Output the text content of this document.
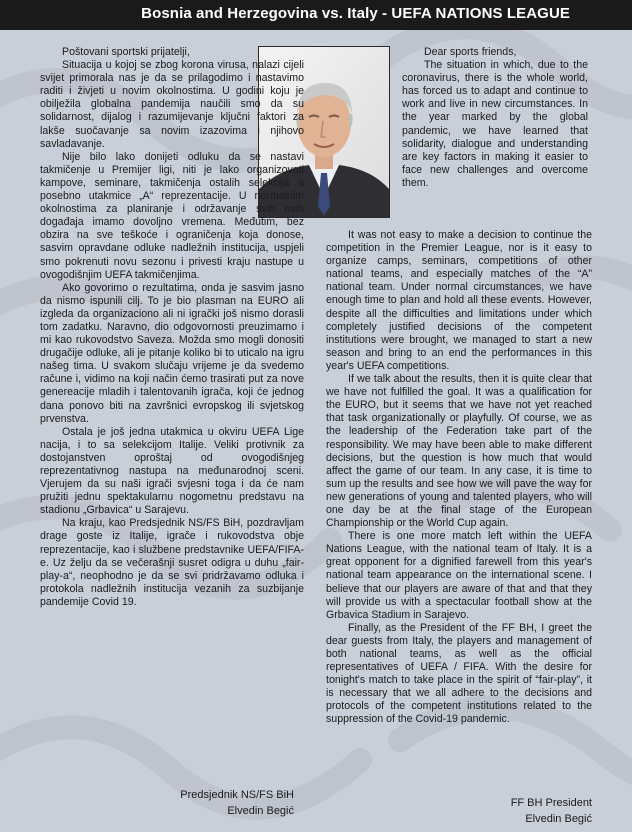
Bosnia and Herzegovina vs. Italy - UEFA NATIONS LEAGUE

Poštovani sportski prijatelji,

Situacija u kojoj se zbog korona virusa, nalazi cijeli svijet primorala nas je da se prilagodimo i nastavimo raditi i živjeti u novim okolnostima. U godini koju je obilježila globalna pandemija naučili smo da su solidarnost, dijalog i razumijevanje ključni faktori za lakše suočavanje sa novim izazovima i njihovo savladavanje.

Nije bilo lako donijeti odluku da se nastavi takmičenje u Premijer ligi, niti je lako organizovati kampove, seminare, takmičenja ostalih selekcija a posebno utakmice „A“ reprezentacije. U normalnim okolnostima za planiranje i održavanje svih ovih događaja imamo dovoljno vremena. Međutim, bez obzira na sve teškoće i ograničenja koja donose, sasvim opravdane odluke nadležnih institucija, uspjeli smo pokrenuti novu sezonu i privesti kraju nastupe u ovogodišnjim UEFA takmičenjima.

Ako govorimo o rezultatima, onda je sasvim jasno da nismo ispunili cilj. To je bio plasman na EURO ali izgleda da organizaciono ali ni igrački još nismo dorasli tom zadatku. Naravno, dio odgovornosti preuzimamo i mi kao rukovodstvo Saveza. Možda smo mogli donositi drugačije odluke, ali je pitanje koliko bi to uticalo na igru našeg tima. U svakom slučaju vrijeme je da svedemo račune i, vidimo na koji način ćemo trasirati put za nove genereacije mladih i talentovanih igrača, koji će jednog dana ponovo biti na završnici evropskog ili svjetskog prvenstva.

Ostala je još jedna utakmica u okviru UEFA Lige nacija, i to sa selekcijom Italije. Veliki protivnik za dostojanstven oproštaj od ovogodišnjeg reprezentativnog nastupa na međunarodnoj sceni. Vjerujem da su naši igrači svjesni toga i da će nam pružiti jednu spektakularnu nogometnu predstavu na stadionu „Grbavica“ u Sarajevu.

Na kraju, kao Predsjednik NS/FS BiH, pozdravljam drage goste iz Italije, igrače i rukovodstva obje reprezentacije, kao i službene predstavnike UEFA/FIFA-e. Uz želju da se večerašnji susret odigra u duhu „fair-play-a“, neophodno je da se svi pridržavamo odluka i protokola nadležnih institucija vezanih za suzbijanje pandemije Covid 19.

Dear sports friends,

The situation in which, due to the coronavirus, there is the whole world, has forced us to adapt and continue to work and live in new circumstances. In the year marked by the global pandemic, we have learned that solidarity, dialogue and understanding are key factors in making it easier to face new challenges and overcome them.

It was not easy to make a decision to continue the competition in the Premier League, nor is it easy to organize camps, seminars, competitions of other national teams, and especially matches of the “A” national team. Under normal circumstances, we have enough time to plan and hold all these events. However, despite all the difficulties and limitations under which completely justified decisions of the competent institutions were brought, we managed to start a new season and bring to an end the performances in this year's UEFA competitions.

If we talk about the results, then it is quite clear that we have not fulfilled the goal. It was a qualification for the EURO, but it seems that we have not yet reached that task organizationally or playfully. Of course, we as the leadership of the Federation take part of the responsibility. We may have been able to make different decisions, but the question is how much that would affect the game of our team. In any case, it is time to sum up the results and see how we will pave the way for new generations of young and talented players, who will one day be at the final stage of the European Championship or the World Cup again.

There is one more match left within the UEFA Nations League, with the national team of Italy. It is a great opponent for a dignified farewell from this year's national team appearance on the international scene. I believe that our players are aware of that and that they will provide us with a spectacular football show at the Grbavica Stadium in Sarajevo.

Finally, as the President of the FF BH, I greet the dear guests from Italy, the players and management of both national teams, as well as the official representatives of UEFA / FIFA. With the desire for tonight's match to take place in the spirit of “fair-play”, it is necessary that we all adhere to the decisions and protocols of the competent institutions related to the suppression of the Covid-19 pandemic.

Predsjednik NS/FS BiH
Elvedin Begić
FF BH President
Elvedin Begić
